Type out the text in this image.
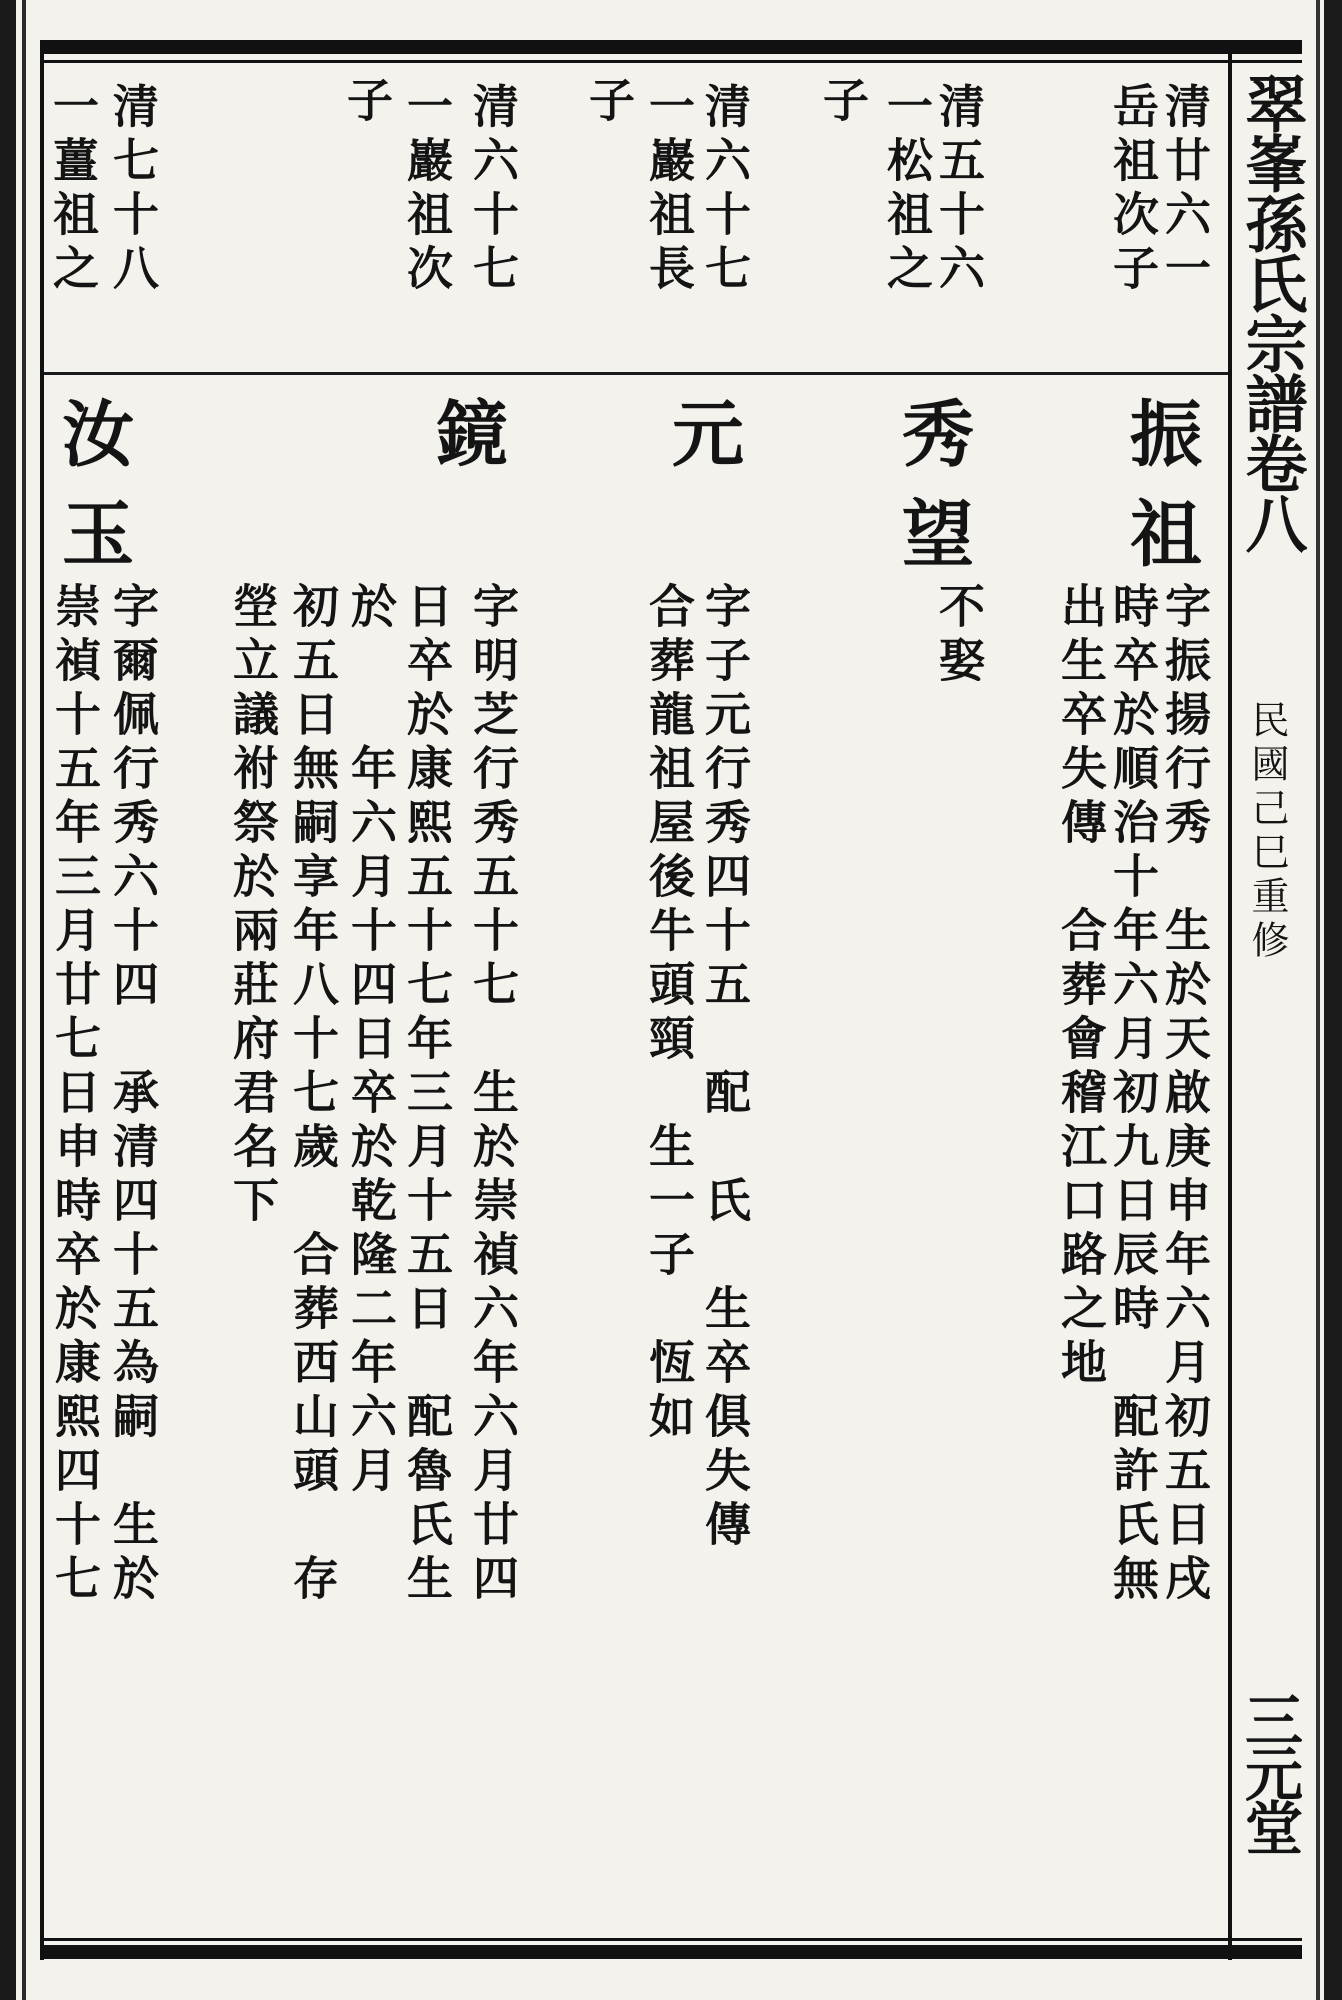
翠峯孫氏宗譜卷八
民國己巳重修
三元堂
清廿六一
岳祖次子
振祖
字振揚行秀　生於天啟庚申年六月初五日戌
時卒於順治十年六月初九日辰時　配許氏無
出生卒失傳　合葬會稽江口路之地
清五十六
一松祖之
子
秀望
不娶
清六十七
一巖祖長
子
元
字子元行秀四十五　配　氏　生卒俱失傳
合葬龍祖屋後牛頭頸　生一子　恆如
清六十七
一巖祖次
子
鏡
字明芝行秀五十七　生於崇禎六年六月廿四
日卒於康熙五十七年三月十五日　配魯氏生
於　　年六月十四日卒於乾隆二年六月
初五日無嗣享年八十七歲　合葬西山頭　存
塋立議祔祭於兩莊府君名下
清七十八
一薑祖之
汝玉
字爾佩行秀六十四　承清四十五為嗣　生於
崇禎十五年三月廿七日申時卒於康熙四十七
